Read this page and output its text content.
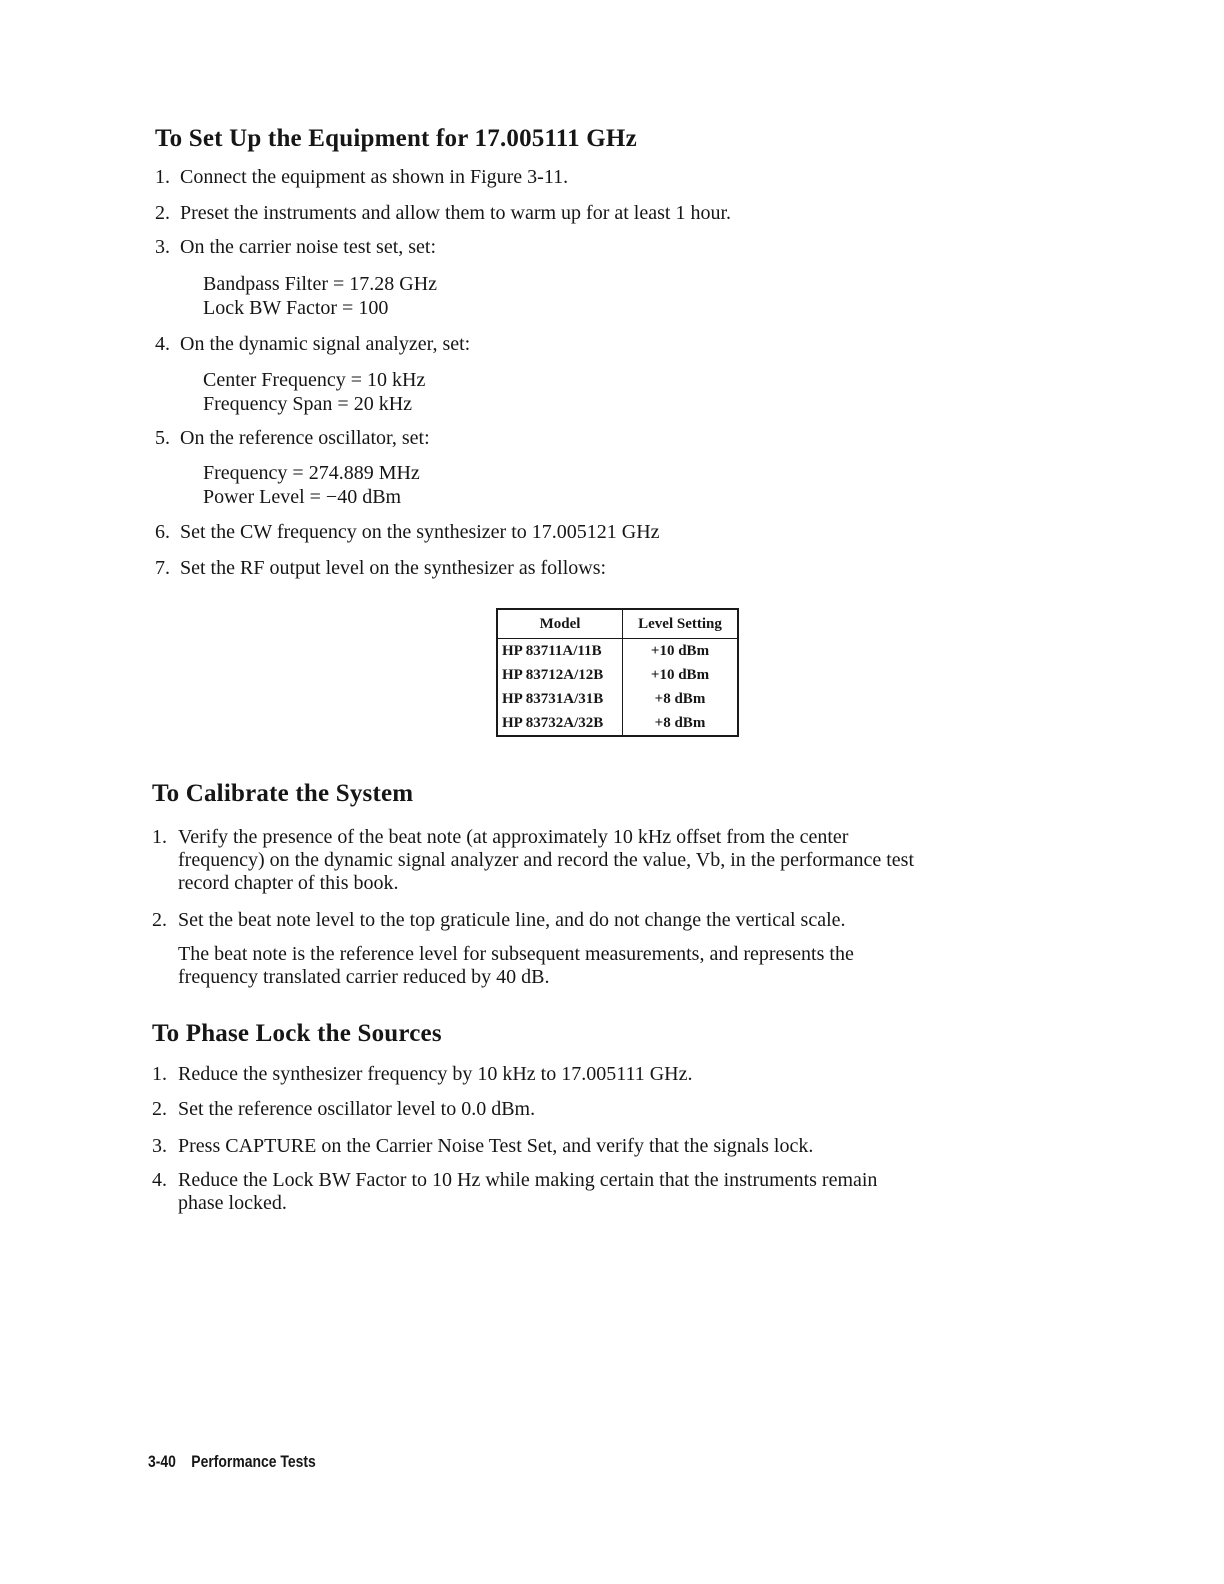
To Set Up the Equipment for 17.005111 GHz
1. Connect the equipment as shown in Figure 3-11.
2. Preset the instruments and allow them to warm up for at least 1 hour.
3. On the carrier noise test set, set:
Bandpass Filter = 17.28 GHz
Lock BW Factor = 100
4. On the dynamic signal analyzer, set:
Center Frequency = 10 kHz
Frequency Span = 20 kHz
5. On the reference oscillator, set:
Frequency = 274.889 MHz
Power Level = −40 dBm
6. Set the CW frequency on the synthesizer to 17.005121 GHz
7. Set the RF output level on the synthesizer as follows:
Model	Level Setting
HP 83711A/11B	+10 dBm
HP 83712A/12B	+10 dBm
HP 83731A/31B	+8 dBm
HP 83732A/32B	+8 dBm
To Calibrate the System
1. Verify the presence of the beat note (at approximately 10 kHz offset from the center
frequency) on the dynamic signal analyzer and record the value, Vb, in the performance test
record chapter of this book.
2. Set the beat note level to the top graticule line, and do not change the vertical scale.
The beat note is the reference level for subsequent measurements, and represents the
frequency translated carrier reduced by 40 dB.
To Phase Lock the Sources
1. Reduce the synthesizer frequency by 10 kHz to 17.005111 GHz.
2. Set the reference oscillator level to 0.0 dBm.
3. Press CAPTURE on the Carrier Noise Test Set, and verify that the signals lock.
4. Reduce the Lock BW Factor to 10 Hz while making certain that the instruments remain
phase locked.
3-40 Performance Tests
